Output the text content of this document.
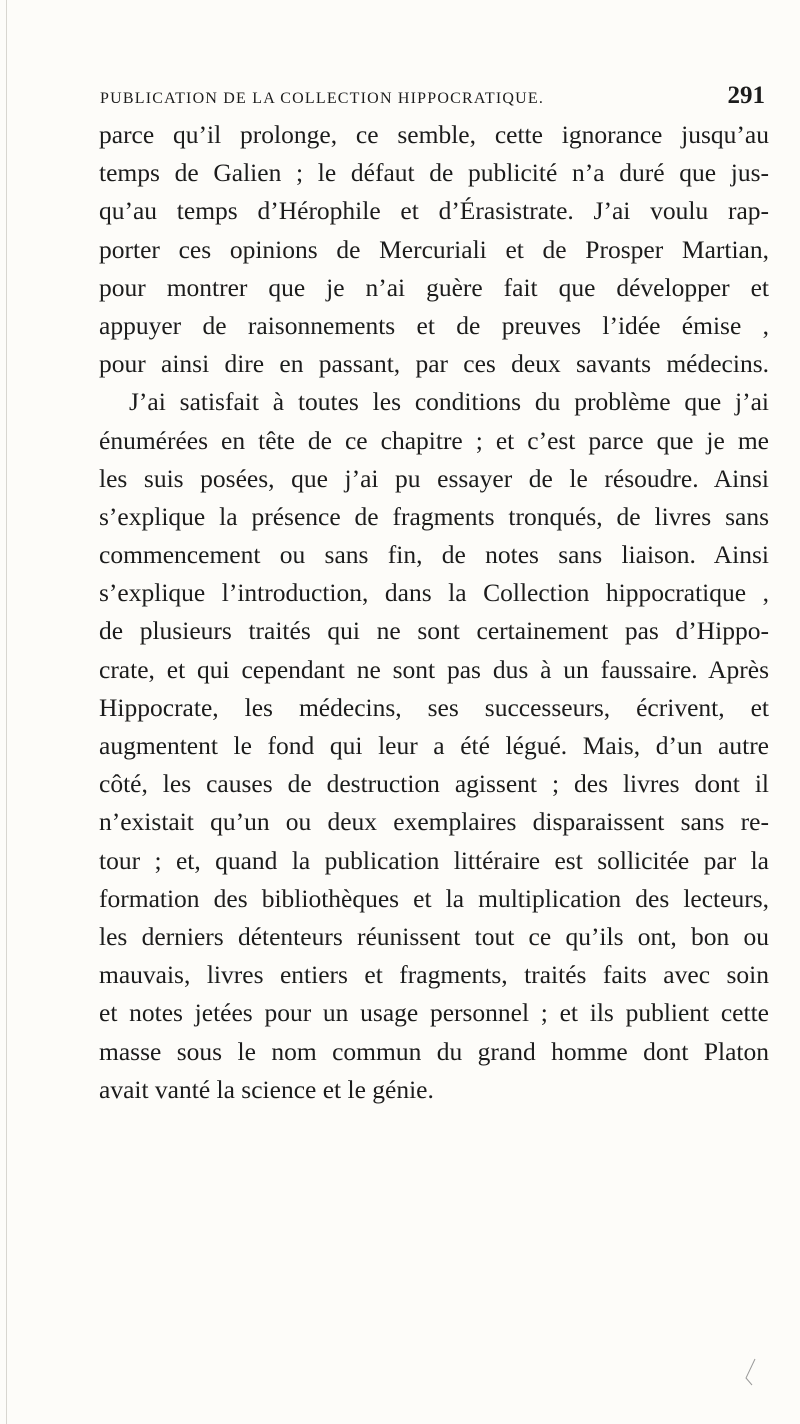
PUBLICATION DE LA COLLECTION HIPPOCRATIQUE.	291
parce qu’il prolonge, ce semble, cette ignorance jusqu’au
temps de Galien ; le défaut de publicité n’a duré que jus-
qu’au temps d’Hérophile et d’Érasistrate. J’ai voulu rap-
porter ces opinions de Mercuriali et de Prosper Martian,
pour montrer que je n’ai guère fait que développer et
appuyer de raisonnements et de preuves l’idée émise ,
pour ainsi dire en passant, par ces deux savants médecins.
J’ai satisfait à toutes les conditions du problème que j’ai
énumérées en tête de ce chapitre ; et c’est parce que je me
les suis posées, que j’ai pu essayer de le résoudre. Ainsi
s’explique la présence de fragments tronqués, de livres sans
commencement ou sans fin, de notes sans liaison. Ainsi
s’explique l’introduction, dans la Collection hippocratique ,
de plusieurs traités qui ne sont certainement pas d’Hippo-
crate, et qui cependant ne sont pas dus à un faussaire. Après
Hippocrate, les médecins, ses successeurs, écrivent, et
augmentent le fond qui leur a été légué. Mais, d’un autre
côté, les causes de destruction agissent ; des livres dont il
n’existait qu’un ou deux exemplaires disparaissent sans re-
tour ; et, quand la publication littéraire est sollicitée par la
formation des bibliothèques et la multiplication des lecteurs,
les derniers détenteurs réunissent tout ce qu’ils ont, bon ou
mauvais, livres entiers et fragments, traités faits avec soin
et notes jetées pour un usage personnel ; et ils publient cette
masse sous le nom commun du grand homme dont Platon
avait vanté la science et le génie.
